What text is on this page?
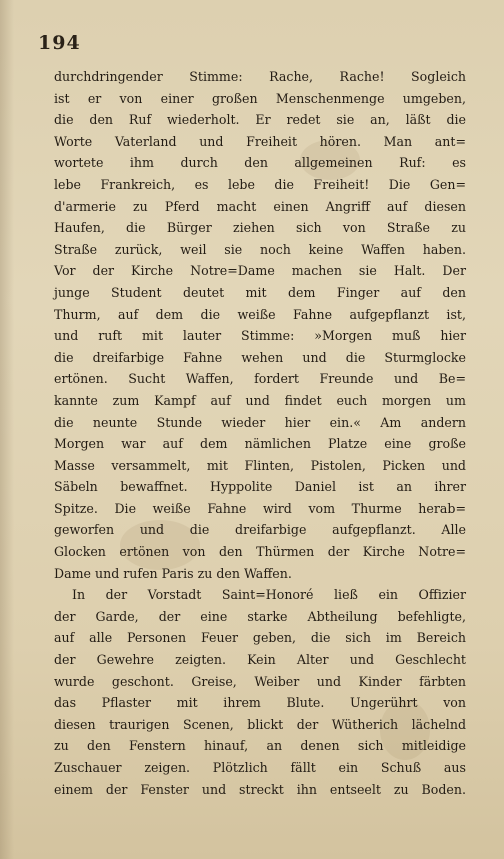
194
durchdringender Stimme: Rache, Rache! Sogleich
ist er von einer großen Menschenmenge umgeben,
die den Ruf wiederholt. Er redet sie an, läßt die
Worte Vaterland und Freiheit hören. Man ant=
wortete ihm durch den allgemeinen Ruf: es
lebe Frankreich, es lebe die Freiheit! Die Gen=
d'armerie zu Pferd macht einen Angriff auf diesen
Haufen, die Bürger ziehen sich von Straße zu
Straße zurück, weil sie noch keine Waffen haben.
Vor der Kirche Notre=Dame machen sie Halt. Der
junge Student deutet mit dem Finger auf den
Thurm, auf dem die weiße Fahne aufgepflanzt ist,
und ruft mit lauter Stimme: »Morgen muß hier
die dreifarbige Fahne wehen und die Sturmglocke
ertönen. Sucht Waffen, fordert Freunde und Be=
kannte zum Kampf auf und findet euch morgen um
die neunte Stunde wieder hier ein.« Am andern
Morgen war auf dem nämlichen Platze eine große
Masse versammelt, mit Flinten, Pistolen, Picken und
Säbeln bewaffnet. Hyppolite Daniel ist an ihrer
Spitze. Die weiße Fahne wird vom Thurme herab=
geworfen und die dreifarbige aufgepflanzt. Alle
Glocken ertönen von den Thürmen der Kirche Notre=
Dame und rufen Paris zu den Waffen.
In der Vorstadt Saint=Honoré ließ ein Offizier
der Garde, der eine starke Abtheilung befehligte,
auf alle Personen Feuer geben, die sich im Bereich
der Gewehre zeigten. Kein Alter und Geschlecht
wurde geschont. Greise, Weiber und Kinder färbten
das Pflaster mit ihrem Blute. Ungerührt von
diesen traurigen Scenen, blickt der Wütherich lächelnd
zu den Fenstern hinauf, an denen sich mitleidige
Zuschauer zeigen. Plötzlich fällt ein Schuß aus
einem der Fenster und streckt ihn entseelt zu Boden.
